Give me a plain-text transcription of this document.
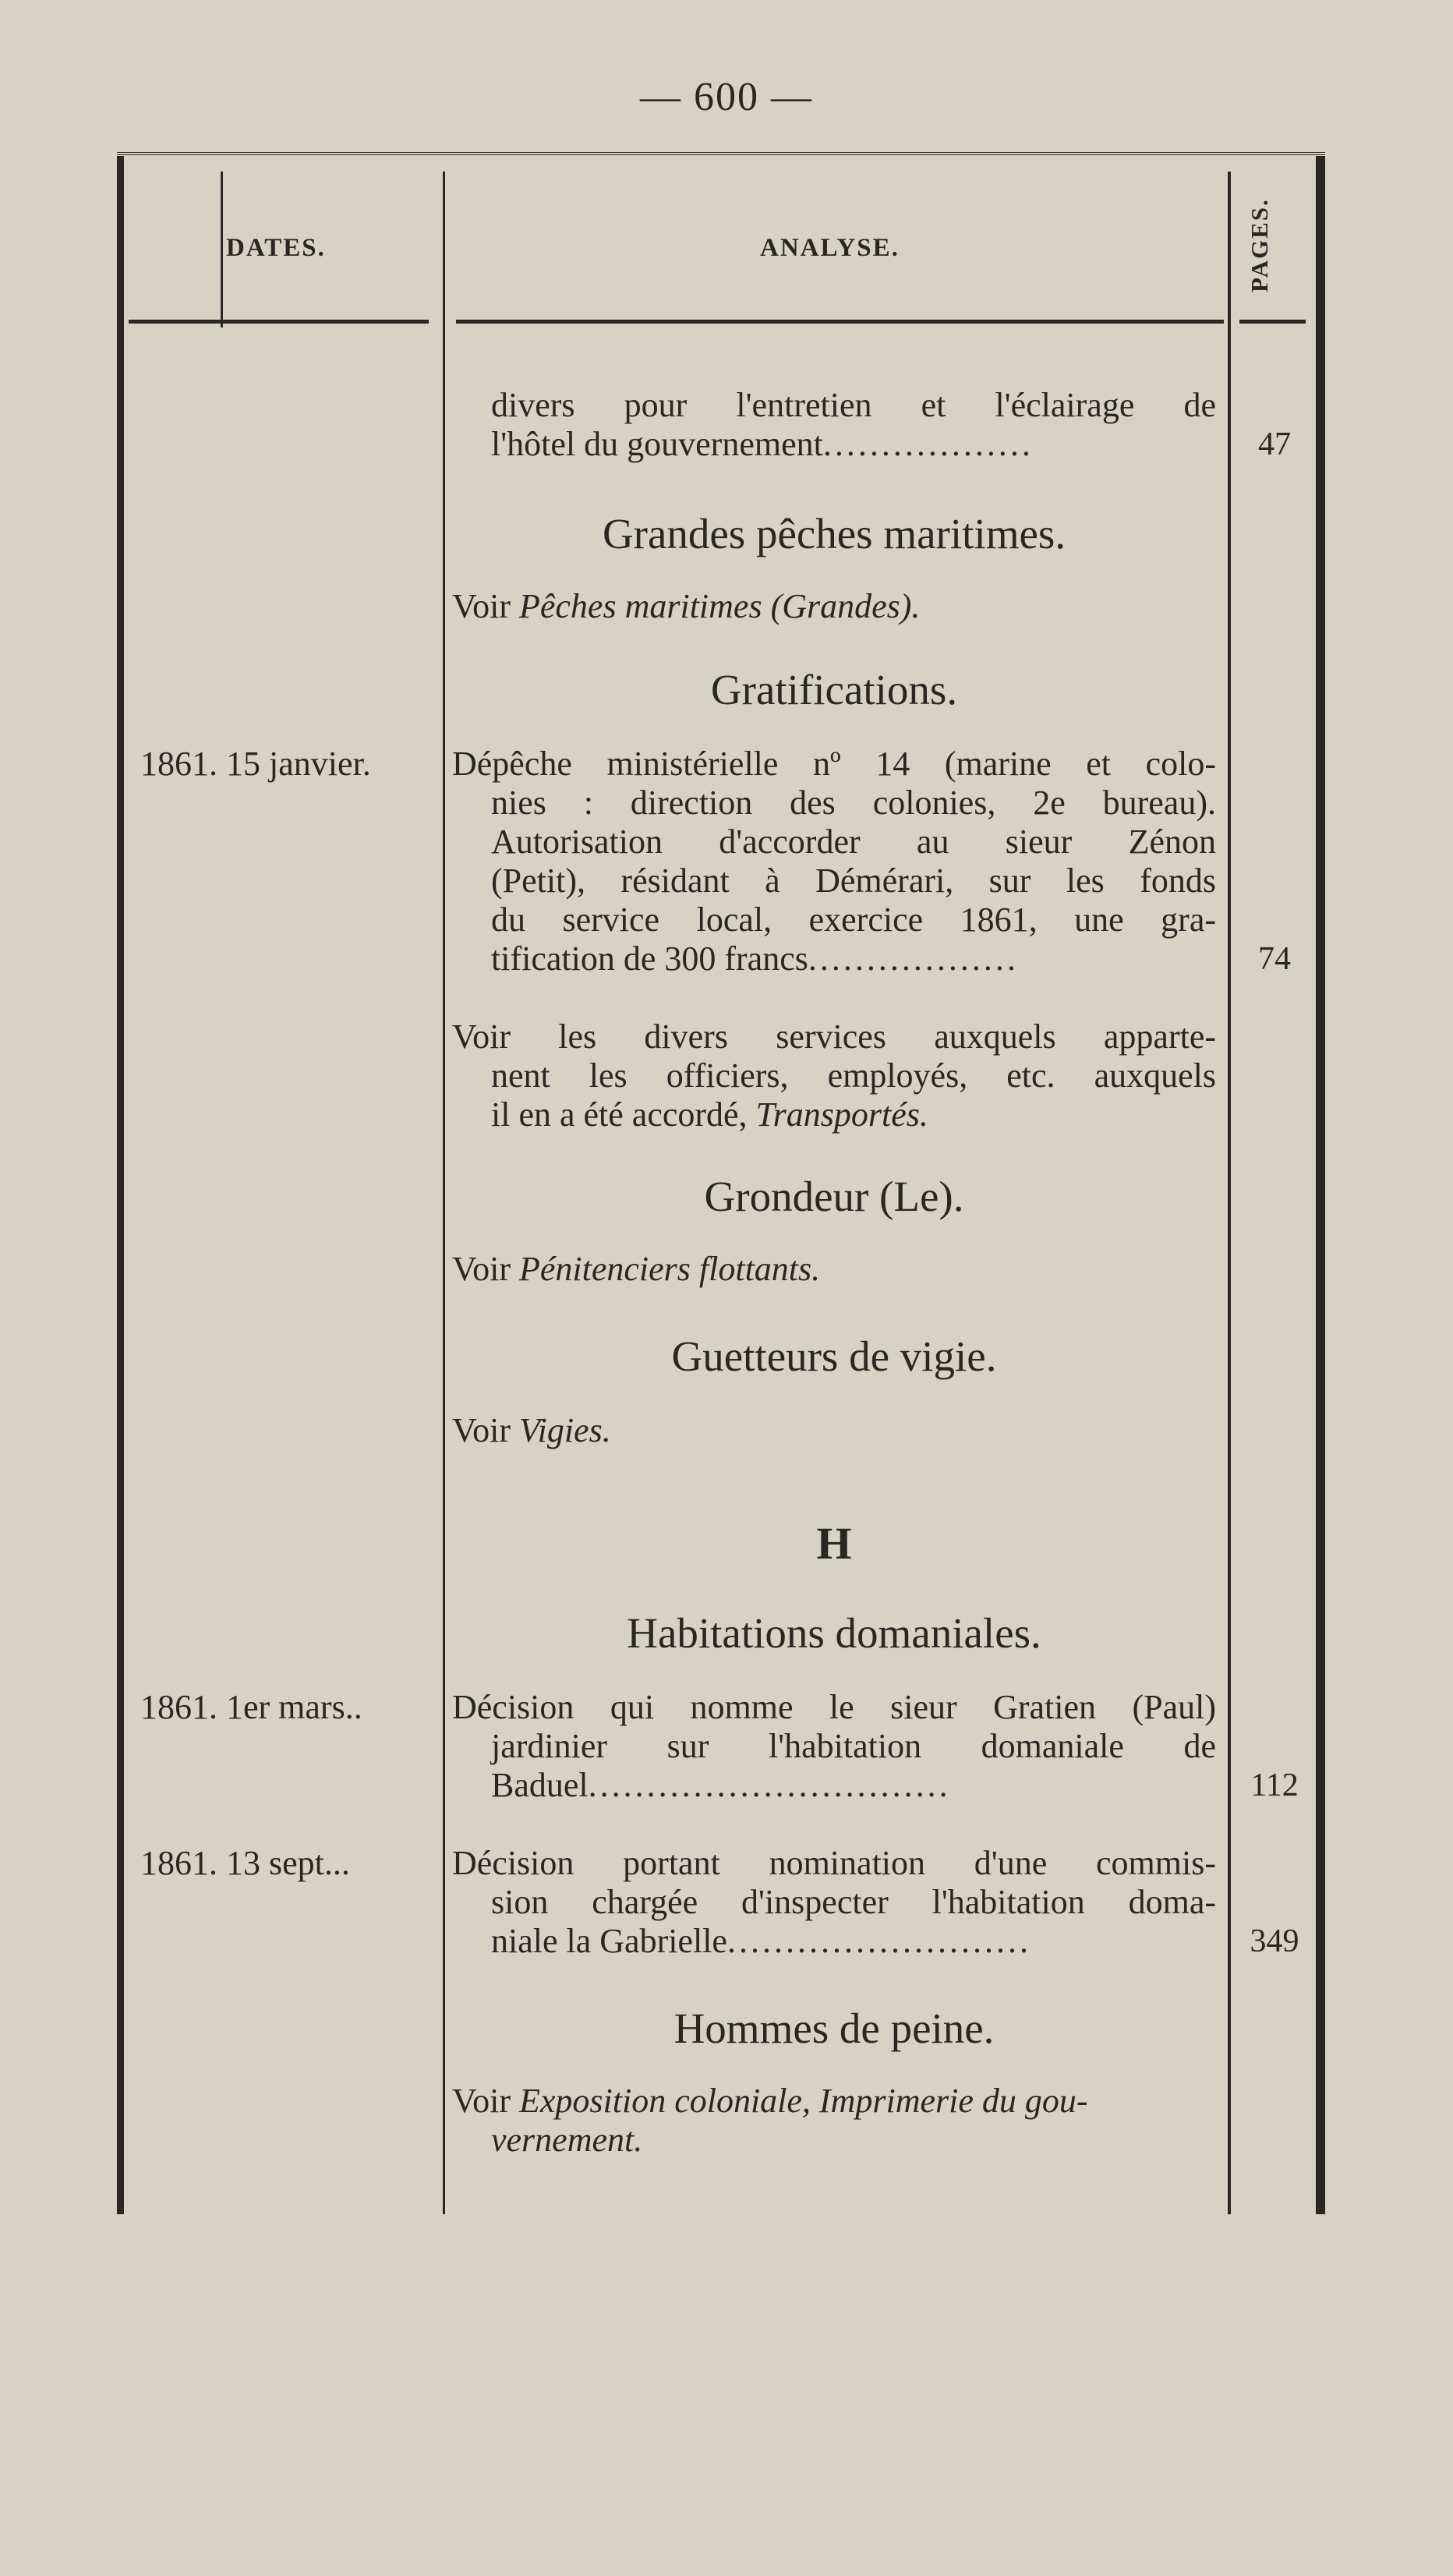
— 600 —
DATES.	ANALYSE.	PAGES.
divers pour l'entretien et l'éclairage de
l'hôtel du gouvernement..................	47
Grandes pêches maritimes.
Voir Pêches maritimes (Grandes).
Gratifications.
1861. 15 janvier.	Dépêche ministérielle nº 14 (marine et colo-
nies : direction des colonies, 2e bureau).
Autorisation d'accorder au sieur Zénon
(Petit), résidant à Démérari, sur les fonds
du service local, exercice 1861, une gra-
tification de 300 francs..................	74
Voir les divers services auxquels apparte-
nent les officiers, employés, etc. auxquels
il en a été accordé, Transportés.
Grondeur (Le).
Voir Pénitenciers flottants.
Guetteurs de vigie.
Voir Vigies.
H
Habitations domaniales.
1861. 1er mars..	Décision qui nomme le sieur Gratien (Paul)
jardinier sur l'habitation domaniale de
Baduel...............................	112
1861. 13 sept...	Décision portant nomination d'une commis-
sion chargée d'inspecter l'habitation doma-
niale la Gabrielle..........................	349
Hommes de peine.
Voir Exposition coloniale, Imprimerie du gou-
vernement.
